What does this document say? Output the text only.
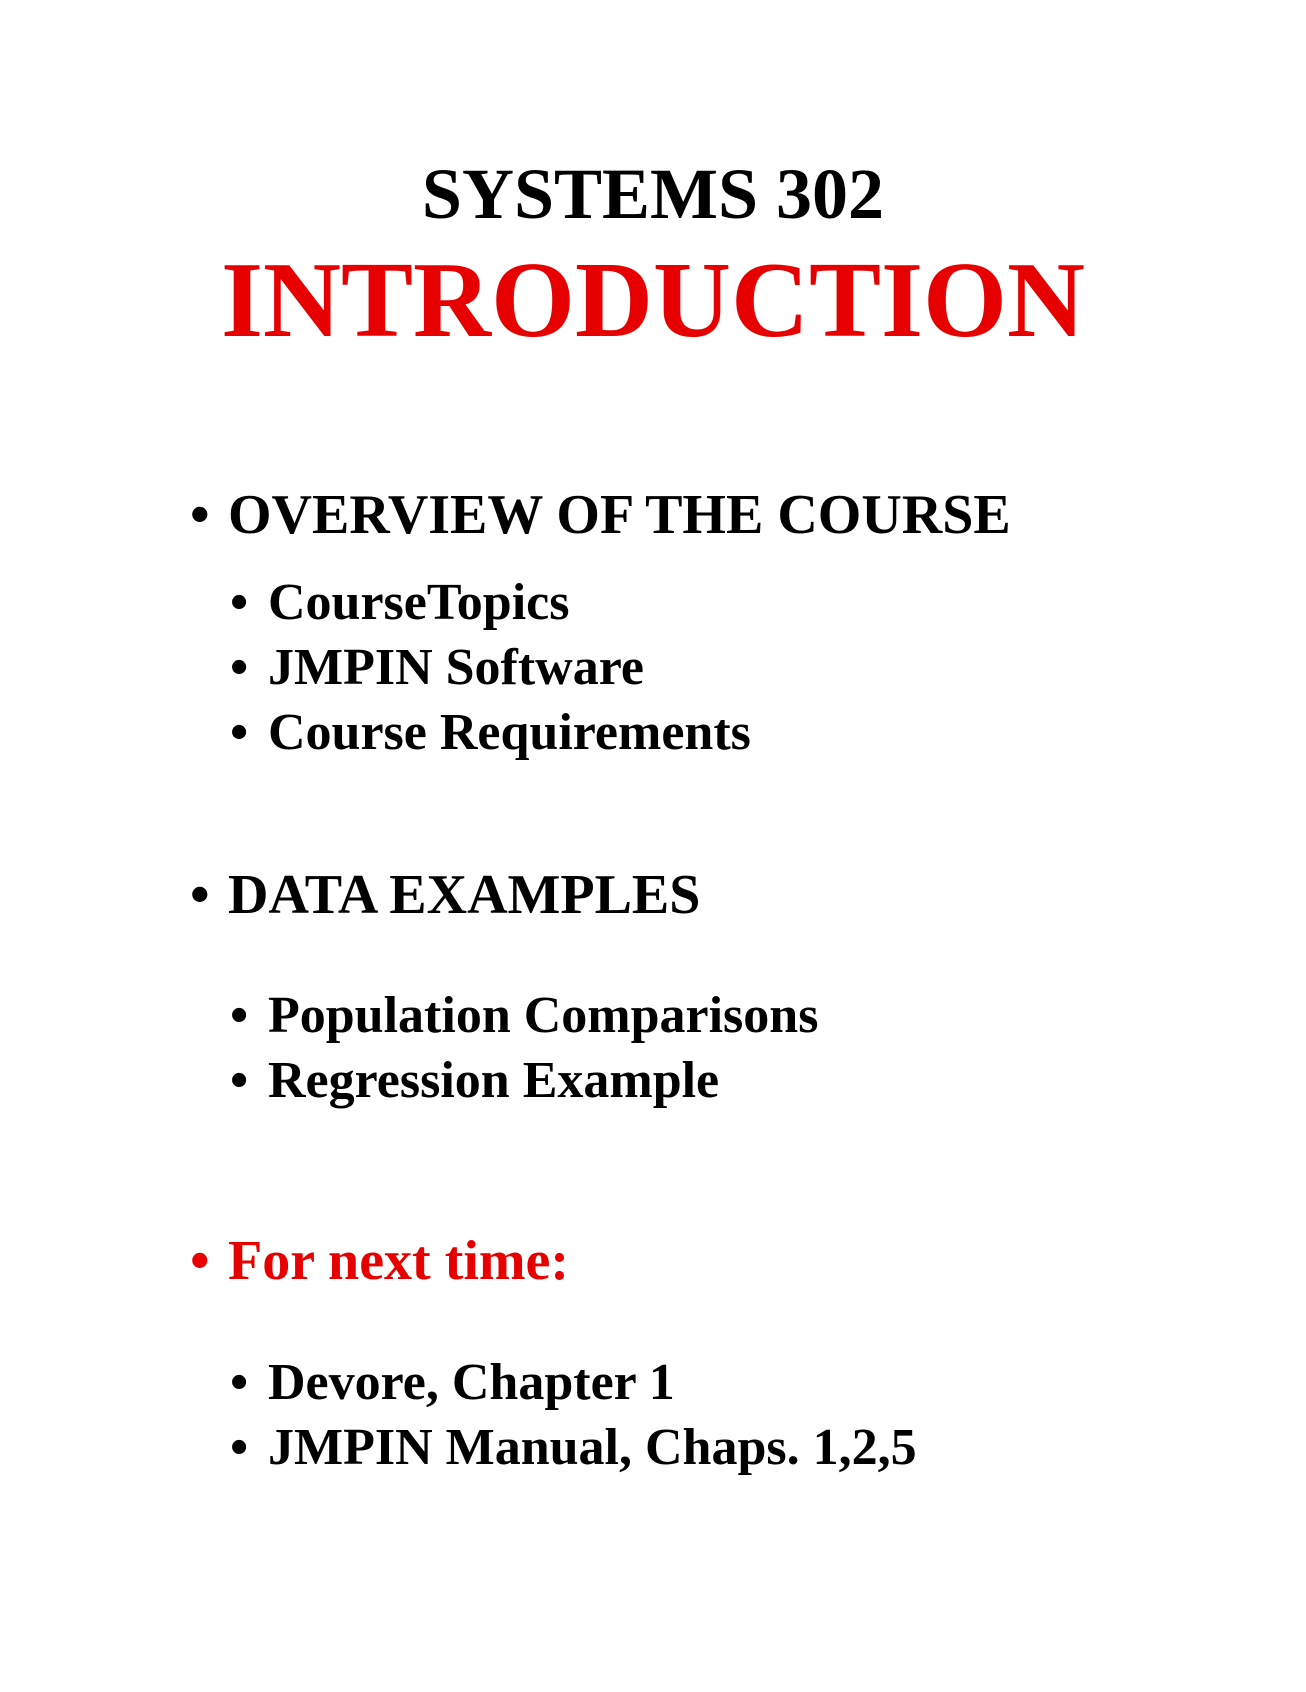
SYSTEMS 302
INTRODUCTION
• OVERVIEW OF THE COURSE
• CourseTopics
• JMPIN Software
• Course Requirements
• DATA EXAMPLES
• Population Comparisons
• Regression Example
• For next time:
• Devore, Chapter 1
• JMPIN Manual, Chaps. 1,2,5
